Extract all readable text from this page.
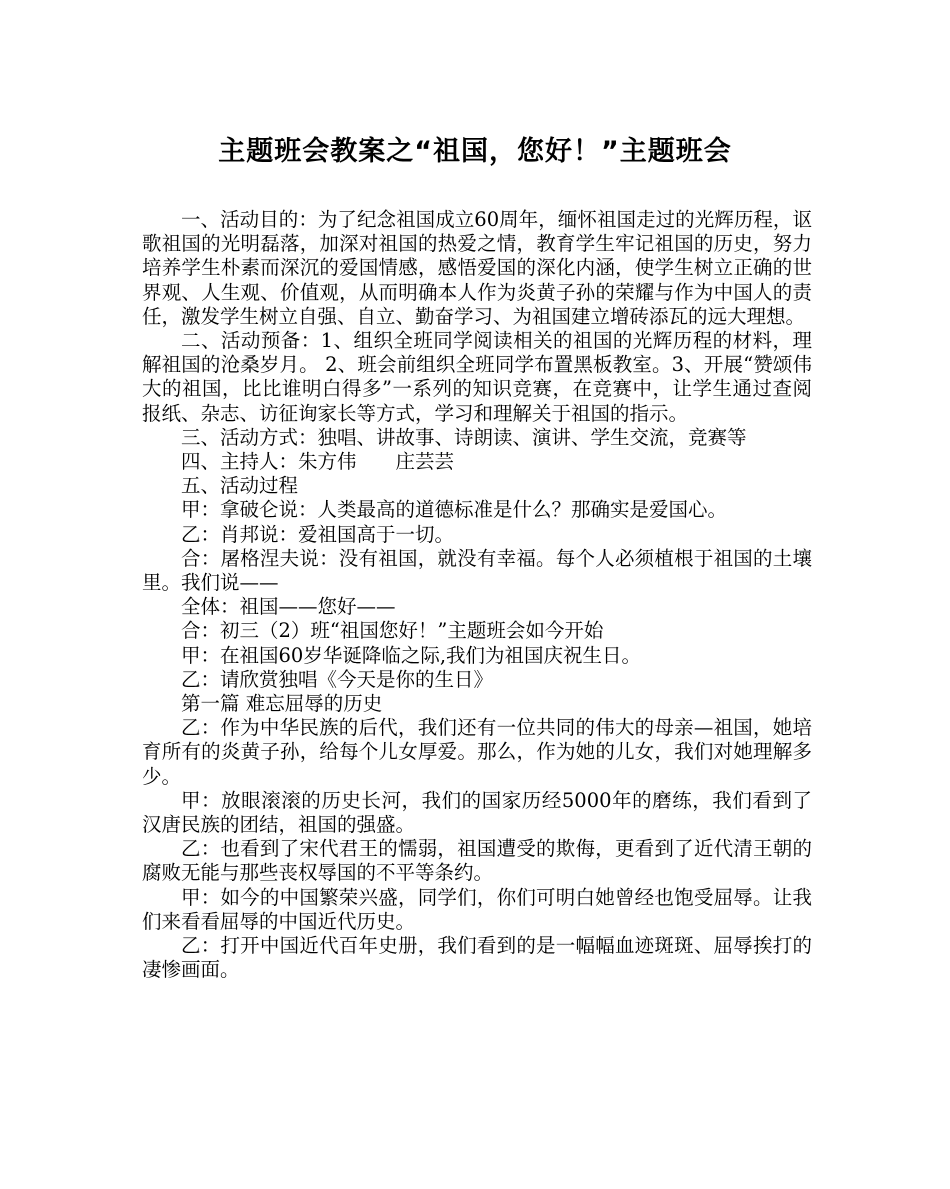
主题班会教案之“祖国，您好！”主题班会

一、活动目的：为了纪念祖国成立60周年，缅怀祖国走过的光辉历程，讴歌祖国的光明磊落，加深对祖国的热爱之情，教育学生牢记祖国的历史，努力培养学生朴素而深沉的爱国情感，感悟爱国的深化内涵，使学生树立正确的世界观、人生观、价值观，从而明确本人作为炎黄子孙的荣耀与作为中国人的责任，激发学生树立自强、自立、勤奋学习、为祖国建立增砖添瓦的远大理想。

二、活动预备：1、组织全班同学阅读相关的祖国的光辉历程的材料，理解祖国的沧桑岁月。 2、班会前组织全班同学布置黑板教室。3、开展“赞颂伟大的祖国，比比谁明白得多”一系列的知识竞赛，在竞赛中，让学生通过查阅报纸、杂志、访征询家长等方式，学习和理解关于祖国的指示。

三、活动方式：独唱、讲故事、诗朗读、演讲、学生交流，竞赛等

四、主持人：朱方伟　　庄芸芸

五、活动过程

甲：拿破仑说：人类最高的道德标准是什么？那确实是爱国心。

乙：肖邦说：爱祖国高于一切。

合：屠格涅夫说：没有祖国，就没有幸福。每个人必须植根于祖国的土壤里。我们说——

全体：祖国——您好——

合：初三（2）班“祖国您好！”主题班会如今开始

甲：在祖国60岁华诞降临之际,我们为祖国庆祝生日。

乙：请欣赏独唱《今天是你的生日》

第一篇 难忘屈辱的历史

乙：作为中华民族的后代，我们还有一位共同的伟大的母亲—祖国，她培育所有的炎黄子孙，给每个儿女厚爱。那么，作为她的儿女，我们对她理解多少。

甲：放眼滚滚的历史长河，我们的国家历经5000年的磨练，我们看到了汉唐民族的团结，祖国的强盛。

乙：也看到了宋代君王的懦弱，祖国遭受的欺侮，更看到了近代清王朝的腐败无能与那些丧权辱国的不平等条约。

甲：如今的中国繁荣兴盛，同学们，你们可明白她曾经也饱受屈辱。让我们来看看屈辱的中国近代历史。

乙：打开中国近代百年史册，我们看到的是一幅幅血迹斑斑、屈辱挨打的凄惨画面。
